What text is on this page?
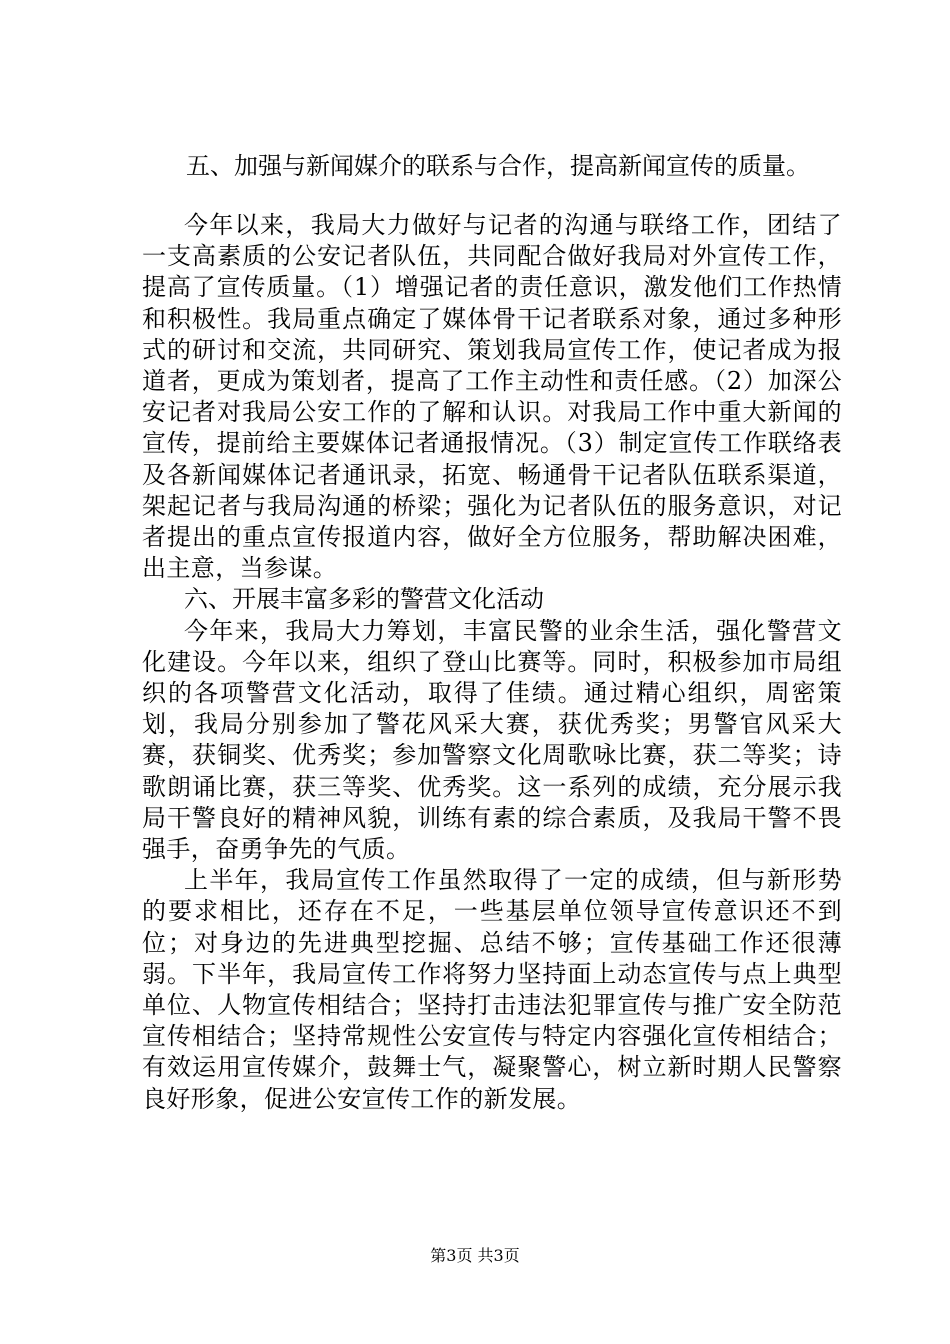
五、加强与新闻媒介的联系与合作，提高新闻宣传的质量。

今年以来，我局大力做好与记者的沟通与联络工作，团结了一支高素质的公安记者队伍，共同配合做好我局对外宣传工作，提高了宣传质量。（1）增强记者的责任意识，激发他们工作热情和积极性。我局重点确定了媒体骨干记者联系对象，通过多种形式的研讨和交流，共同研究、策划我局宣传工作，使记者成为报道者，更成为策划者，提高了工作主动性和责任感。（2）加深公安记者对我局公安工作的了解和认识。对我局工作中重大新闻的宣传，提前给主要媒体记者通报情况。（3）制定宣传工作联络表及各新闻媒体记者通讯录，拓宽、畅通骨干记者队伍联系渠道，架起记者与我局沟通的桥梁；强化为记者队伍的服务意识，对记者提出的重点宣传报道内容，做好全方位服务，帮助解决困难，出主意，当参谋。

六、开展丰富多彩的警营文化活动

今年来，我局大力筹划，丰富民警的业余生活，强化警营文化建设。今年以来，组织了登山比赛等。同时，积极参加市局组织的各项警营文化活动，取得了佳绩。通过精心组织，周密策划，我局分别参加了警花风采大赛，获优秀奖；男警官风采大赛，获铜奖、优秀奖；参加警察文化周歌咏比赛，获二等奖；诗歌朗诵比赛，获三等奖、优秀奖。这一系列的成绩，充分展示我局干警良好的精神风貌，训练有素的综合素质，及我局干警不畏强手，奋勇争先的气质。

上半年，我局宣传工作虽然取得了一定的成绩，但与新形势的要求相比，还存在不足，一些基层单位领导宣传意识还不到位；对身边的先进典型挖掘、总结不够；宣传基础工作还很薄弱。下半年，我局宣传工作将努力坚持面上动态宣传与点上典型单位、人物宣传相结合；坚持打击违法犯罪宣传与推广安全防范宣传相结合；坚持常规性公安宣传与特定内容强化宣传相结合；有效运用宣传媒介，鼓舞士气，凝聚警心，树立新时期人民警察良好形象，促进公安宣传工作的新发展。

第3页 共3页
